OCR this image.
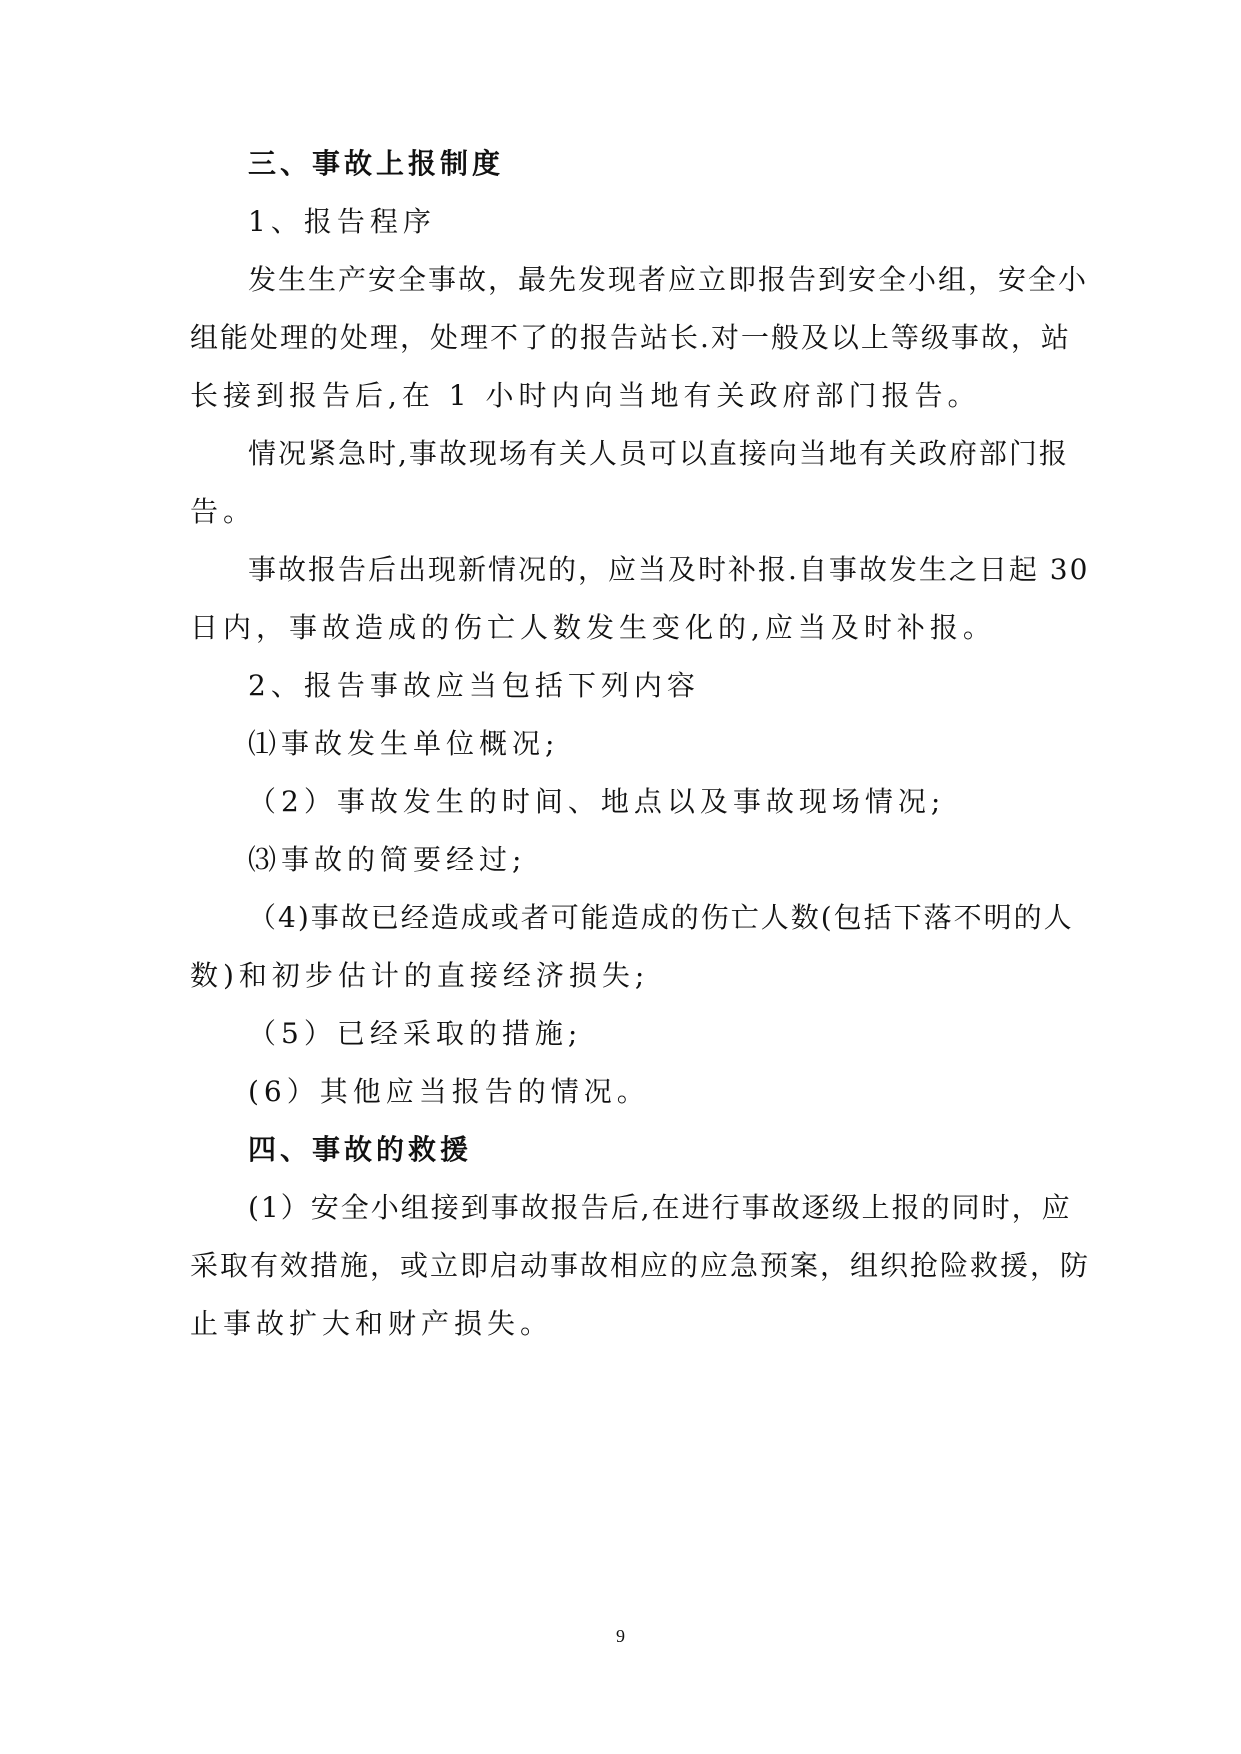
三、事故上报制度
1、报告程序
发生生产安全事故，最先发现者应立即报告到安全小组，安全小
组能处理的处理，处理不了的报告站长.对一般及以上等级事故，站
长接到报告后,在 1 小时内向当地有关政府部门报告。
情况紧急时,事故现场有关人员可以直接向当地有关政府部门报
告。
事故报告后出现新情况的，应当及时补报.自事故发生之日起 30
日内，事故造成的伤亡人数发生变化的,应当及时补报。
2、报告事故应当包括下列内容
⑴事故发生单位概况;
（2）事故发生的时间、地点以及事故现场情况;
⑶事故的简要经过;
（4)事故已经造成或者可能造成的伤亡人数(包括下落不明的人
数)和初步估计的直接经济损失;
（5）已经采取的措施;
(6）其他应当报告的情况。
四、事故的救援
(1）安全小组接到事故报告后,在进行事故逐级上报的同时，应
采取有效措施，或立即启动事故相应的应急预案，组织抢险救援，防
止事故扩大和财产损失。
9
